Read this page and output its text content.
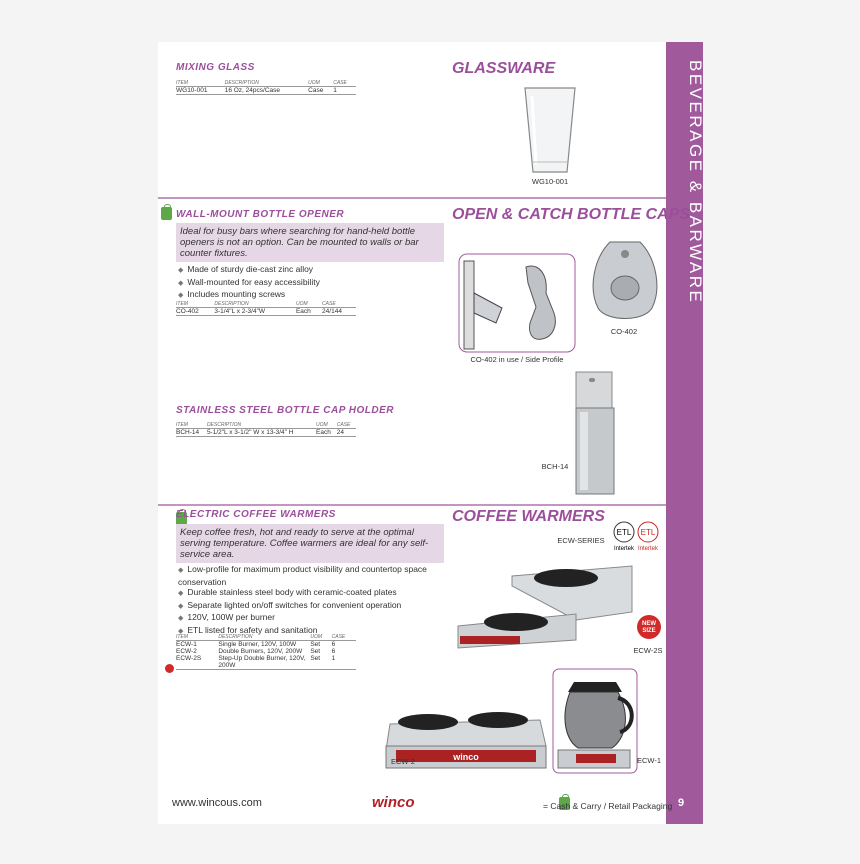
BEVERAGE & BARWARE
9
MIXING GLASS
ITEM	DESCRIPTION	UOM	CASE
WG10-001	16 Oz, 24pcs/Case	Case	1
GLASSWARE
WG10-001

WALL-MOUNT BOTTLE OPENER
Ideal for busy bars where searching for hand-held bottle openers is not an option. Can be mounted to walls or bar counter fixtures.
◆ Made of sturdy die-cast zinc alloy
◆ Wall-mounted for easy accessibility
◆ Includes mounting screws
ITEM	DESCRIPTION	UOM	CASE
CO-402	3-1/4"L x 2-3/4"W	Each	24/144
OPEN & CATCH BOTTLE CAPS
CO-402 in use / Side Profile
CO-402
STAINLESS STEEL BOTTLE CAP HOLDER
ITEM	DESCRIPTION	UOM	CASE
BCH-14	5-1/2"L x 3-1/2" W x 13-3/4" H	Each	24
BCH-14

ELECTRIC COFFEE WARMERS
Keep coffee fresh, hot and ready to serve at the optimal serving temperature. Coffee warmers are ideal for any self-service area.
◆ Low-profile for maximum product visibility and countertop space conservation
◆ Durable stainless steel body with ceramic-coated plates
◆ Separate lighted on/off switches for convenient operation
◆ 120V, 100W per burner
◆ ETL listed for safety and sanitation
ITEM	DESCRIPTION	UOM	CASE
ECW-1	Single Burner, 120V, 100W	Set	6
ECW-2	Double Burners, 120V, 200W	Set	6
ECW-2S	Step-Up Double Burner, 120V, 200W	Set	1
COFFEE WARMERS
ECW-SERIES
ETL ETL
Intertek Intertek
NEW
SIZE
ECW-2S
ECW-1
winco
ECW-2
www.wincous.com	winco	= Cash & Carry / Retail Packaging
